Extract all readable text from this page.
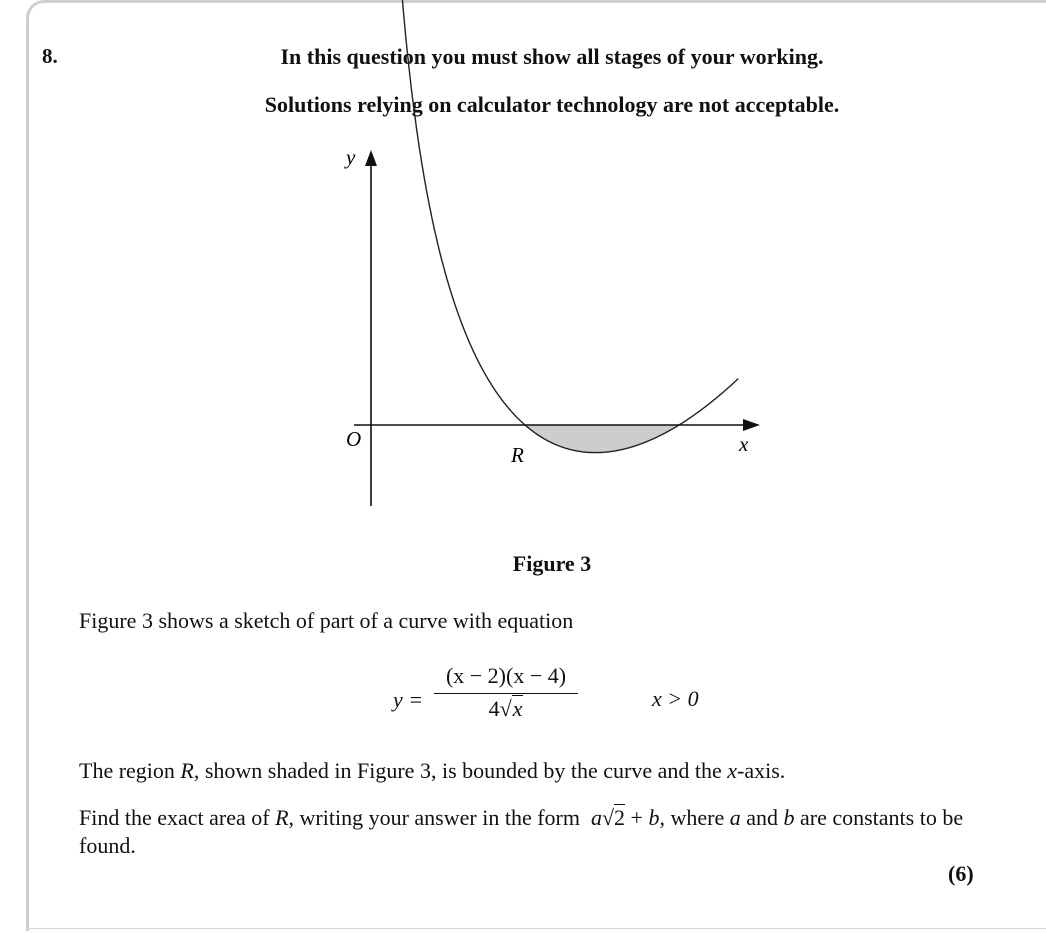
8.	In this question you must show all stages of your working.
Solutions relying on calculator technology are not acceptable.
y
x
O
R
Figure 3
Figure 3 shows a sketch of part of a curve with equation
y =
(x − 2)(x − 4)
4√x	x > 0
The region R, shown shaded in Figure 3, is bounded by the curve and the x-axis.
Find the exact area of R, writing your answer in the form  a√2 + b, where a and b are constants to be found.
(6)
